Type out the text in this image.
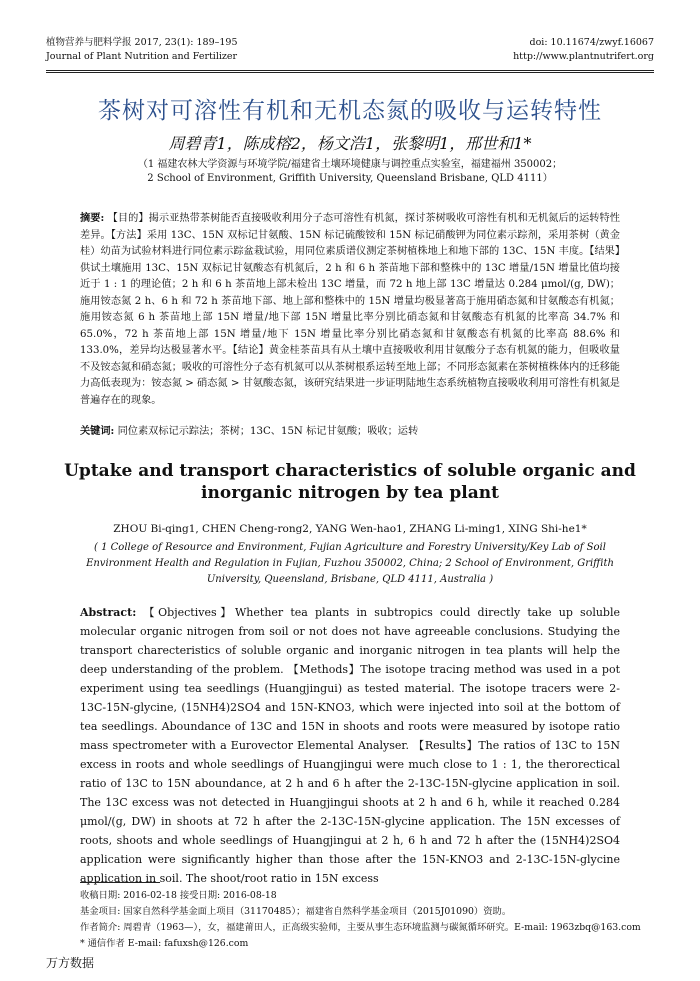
植物营养与肥料学报 2017, 23(1): 189–195
Journal of Plant Nutrition and Fertilizer
doi: 10.11674/zwyf.16067
http://www.plantnutrifert.org
茶树对可溶性有机和无机态氮的吸收与运转特性
周碧青1，陈成榕2，杨文浩1，张黎明1，邢世和1*
（1 福建农林大学资源与环境学院/福建省土壤环境健康与调控重点实验室，福建福州 350002；
2 School of Environment, Griffith University, Queensland Brisbane, QLD 4111）
摘要: 【目的】揭示亚热带茶树能否直接吸收利用分子态可溶性有机氮，探讨茶树吸收可溶性有机和无机氮后的运转特性差异。【方法】采用 13C、15N 双标记甘氨酸、15N 标记硫酸铵和 15N 标记硝酸钾为同位素示踪剂，采用茶树（黄金桂）幼苗为试验材料进行同位素示踪盆栽试验，用同位素质谱仪测定茶树植株地上和地下部的 13C、15N 丰度。【结果】供试土壤施用 13C、15N 双标记甘氨酸态有机氮后，2 h 和 6 h 茶苗地下部和整株中的 13C 增量/15N 增量比值均接近于 1 : 1 的理论值；2 h 和 6 h 茶苗地上部未检出 13C 增量，而 72 h 地上部 13C 增量达 0.284 μmol/(g, DW)；施用铵态氮 2 h、6 h 和 72 h 茶苗地下部、地上部和整株中的 15N 增量均极显著高于施用硝态氮和甘氨酸态有机氮；施用铵态氮 6 h 茶苗地上部 15N 增量/地下部 15N 增量比率分别比硝态氮和甘氨酸态有机氮的比率高 34.7% 和 65.0%，72 h 茶苗地上部 15N 增量/地下 15N 增量比率分别比硝态氮和甘氨酸态有机氮的比率高 88.6% 和 133.0%，差异均达极显著水平。【结论】黄金桂茶苗具有从土壤中直接吸收利用甘氨酸分子态有机氮的能力，但吸收量不及铵态氮和硝态氮；吸收的可溶性分子态有机氮可以从茶树根系运转至地上部；不同形态氮素在茶树植株体内的迁移能力高低表现为：铵态氮 > 硝态氮 > 甘氨酸态氮，该研究结果进一步证明陆地生态系统植物直接吸收利用可溶性有机氮是普遍存在的现象。
关键词: 同位素双标记示踪法；茶树；13C、15N 标记甘氨酸；吸收；运转
Uptake and transport characteristics of soluble organic and inorganic nitrogen by tea plant
ZHOU Bi-qing1, CHEN Cheng-rong2, YANG Wen-hao1, ZHANG Li-ming1, XING Shi-he1*
( 1 College of Resource and Environment, Fujian Agriculture and Forestry University/Key Lab of Soil Environment Health and Regulation in Fujian, Fuzhou 350002, China; 2 School of Environment, Griffith University, Queensland, Brisbane, QLD 4111, Australia )
Abstract: 【Objectives】Whether tea plants in subtropics could directly take up soluble molecular organic nitrogen from soil or not does not have agreeable conclusions. Studying the transport charecteristics of soluble organic and inorganic nitrogen in tea plants will help the deep understanding of the problem. 【Methods】The isotope tracing method was used in a pot experiment using tea seedlings (Huangjingui) as tested material. The isotope tracers were 2-13C-15N-glycine, (15NH4)2SO4 and 15N-KNO3, which were injected into soil at the bottom of tea seedlings. Aboundance of 13C and 15N in shoots and roots were measured by isotope ratio mass spectrometer with a Eurovector Elemental Analyser. 【Results】The ratios of 13C to 15N excess in roots and whole seedlings of Huangjingui were much close to 1 : 1, the therorectical ratio of 13C to 15N aboundance, at 2 h and 6 h after the 2-13C-15N-glycine application in soil. The 13C excess was not detected in Huangjingui shoots at 2 h and 6 h, while it reached 0.284 μmol/(g, DW) in shoots at 72 h after the 2-13C-15N-glycine application. The 15N excesses of roots, shoots and whole seedlings of Huangjingui at 2 h, 6 h and 72 h after the (15NH4)2SO4 application were significantly higher than those after the 15N-KNO3 and 2-13C-15N-glycine application in soil. The shoot/root ratio in 15N excess
收稿日期: 2016-02-18 接受日期: 2016-08-18
基金项目: 国家自然科学基金面上项目（31170485）；福建省自然科学基金项目（2015J01090）资助。
作者简介: 周碧青（1963—），女，福建莆田人，正高级实验师，主要从事生态环境监测与碳氮循环研究。E-mail: 1963zbq@163.com
* 通信作者 E-mail: fafuxsh@126.com
万方数据
